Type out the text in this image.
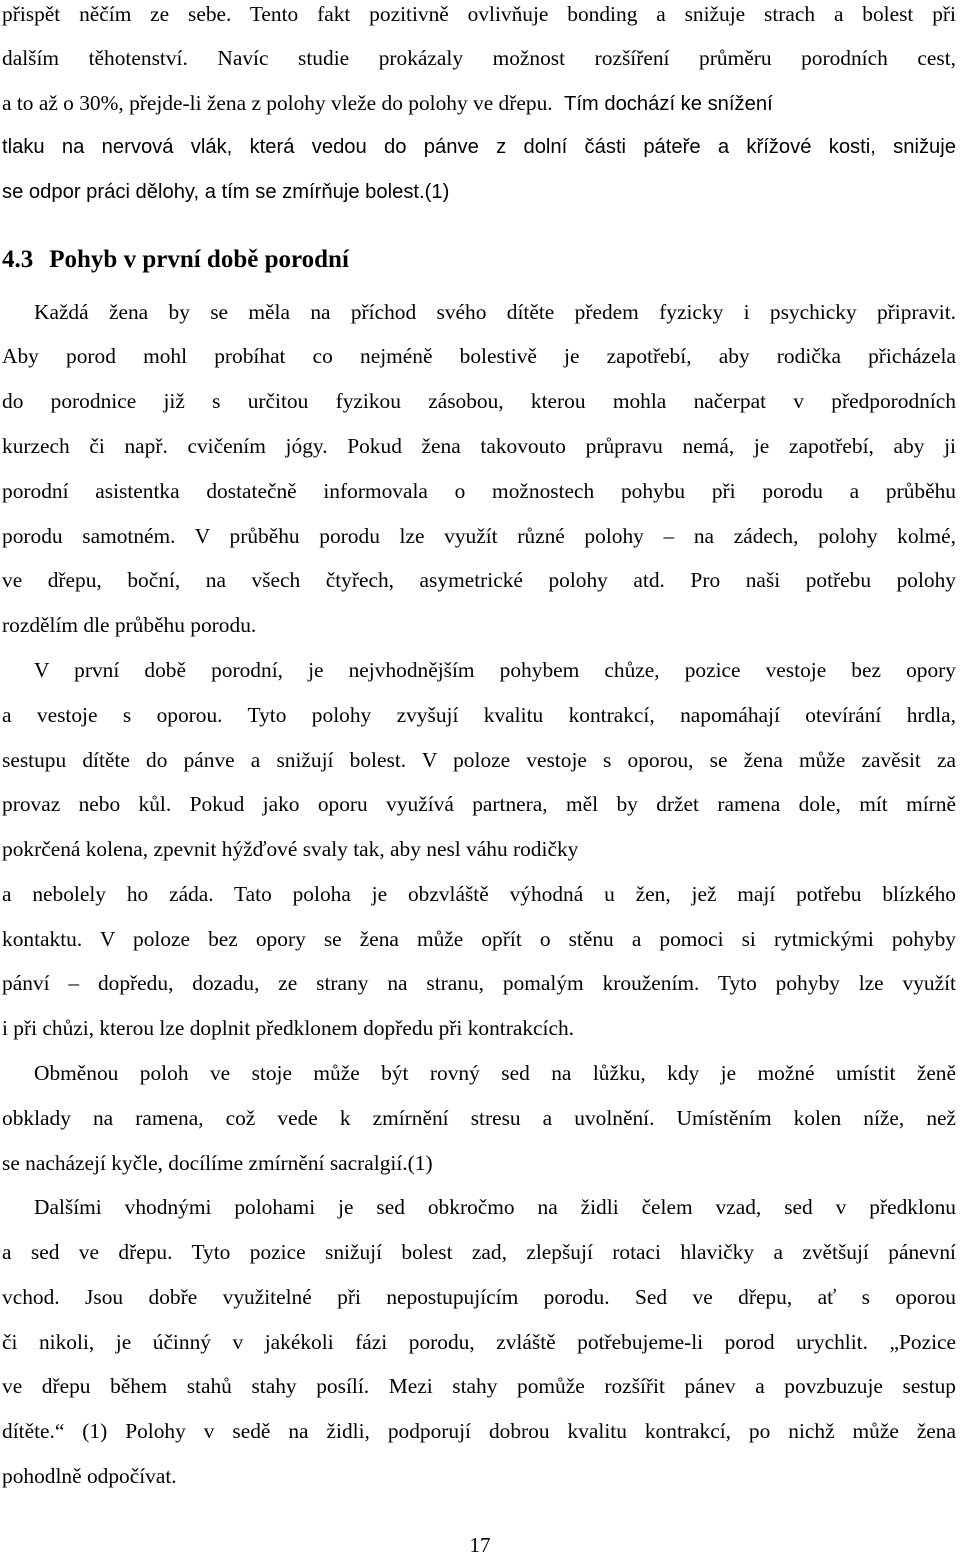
přispět něčím ze sebe. Tento fakt pozitivně ovlivňuje bonding a snižuje strach a bolest při
dalším těhotenství. Navíc studie prokázaly možnost rozšíření průměru porodních cest,
a to až o 30%, přejde-li žena z polohy vleže do polohy ve dřepu. Tím dochází ke snížení
tlaku na nervová vlák, která vedou do pánve z dolní části páteře a křížové kosti, snižuje
se odpor práci dělohy, a tím se zmírňuje bolest.(1)
4.3 Pohyb v první době porodní
Každá žena by se měla na příchod svého dítěte předem fyzicky i psychicky připravit.
Aby porod mohl probíhat co nejméně bolestivě je zapotřebí, aby rodička přicházela
do porodnice již s určitou fyzikou zásobou, kterou mohla načerpat v předporodních
kurzech či např. cvičením jógy. Pokud žena takovouto průpravu nemá, je zapotřebí, aby ji
porodní asistentka dostatečně informovala o možnostech pohybu při porodu a průběhu
porodu samotném. V průběhu porodu lze využít různé polohy – na zádech, polohy kolmé,
ve dřepu, boční, na všech čtyřech, asymetrické polohy atd. Pro naši potřebu polohy
rozdělím dle průběhu porodu.
V první době porodní, je nejvhodnějším pohybem chůze, pozice vestoje bez opory
a vestoje s oporou. Tyto polohy zvyšují kvalitu kontrakcí, napomáhají otevírání hrdla,
sestupu dítěte do pánve a snižují bolest. V poloze vestoje s oporou, se žena může zavěsit za
provaz nebo kůl. Pokud jako oporu využívá partnera, měl by držet ramena dole, mít mírně
pokrčená kolena, zpevnit hýžďové svaly tak, aby nesl váhu rodičky
a nebolely ho záda. Tato poloha je obzvláště výhodná u žen, jež mají potřebu blízkého
kontaktu. V poloze bez opory se žena může opřít o stěnu a pomoci si rytmickými pohyby
pánví – dopředu, dozadu, ze strany na stranu, pomalým kroužením. Tyto pohyby lze využít
i při chůzi, kterou lze doplnit předklonem dopředu při kontrakcích.
Obměnou poloh ve stoje může být rovný sed na lůžku, kdy je možné umístit ženě
obklady na ramena, což vede k zmírnění stresu a uvolnění. Umístěním kolen níže, než
se nacházejí kyčle, docílíme zmírnění sacralgií.(1)
Dalšími vhodnými polohami je sed obkročmo na židli čelem vzad, sed v předklonu
a sed ve dřepu. Tyto pozice snižují bolest zad, zlepšují rotaci hlavičky a zvětšují pánevní
vchod. Jsou dobře využitelné při nepostupujícím porodu. Sed ve dřepu, ať s oporou
či nikoli, je účinný v jakékoli fázi porodu, zvláště potřebujeme-li porod urychlit. „Pozice
ve dřepu během stahů stahy posílí. Mezi stahy pomůže rozšířit pánev a povzbuzuje sestup
dítěte.“ (1) Polohy v sedě na židli, podporují dobrou kvalitu kontrakcí, po nichž může žena
pohodlně odpočívat.
17
